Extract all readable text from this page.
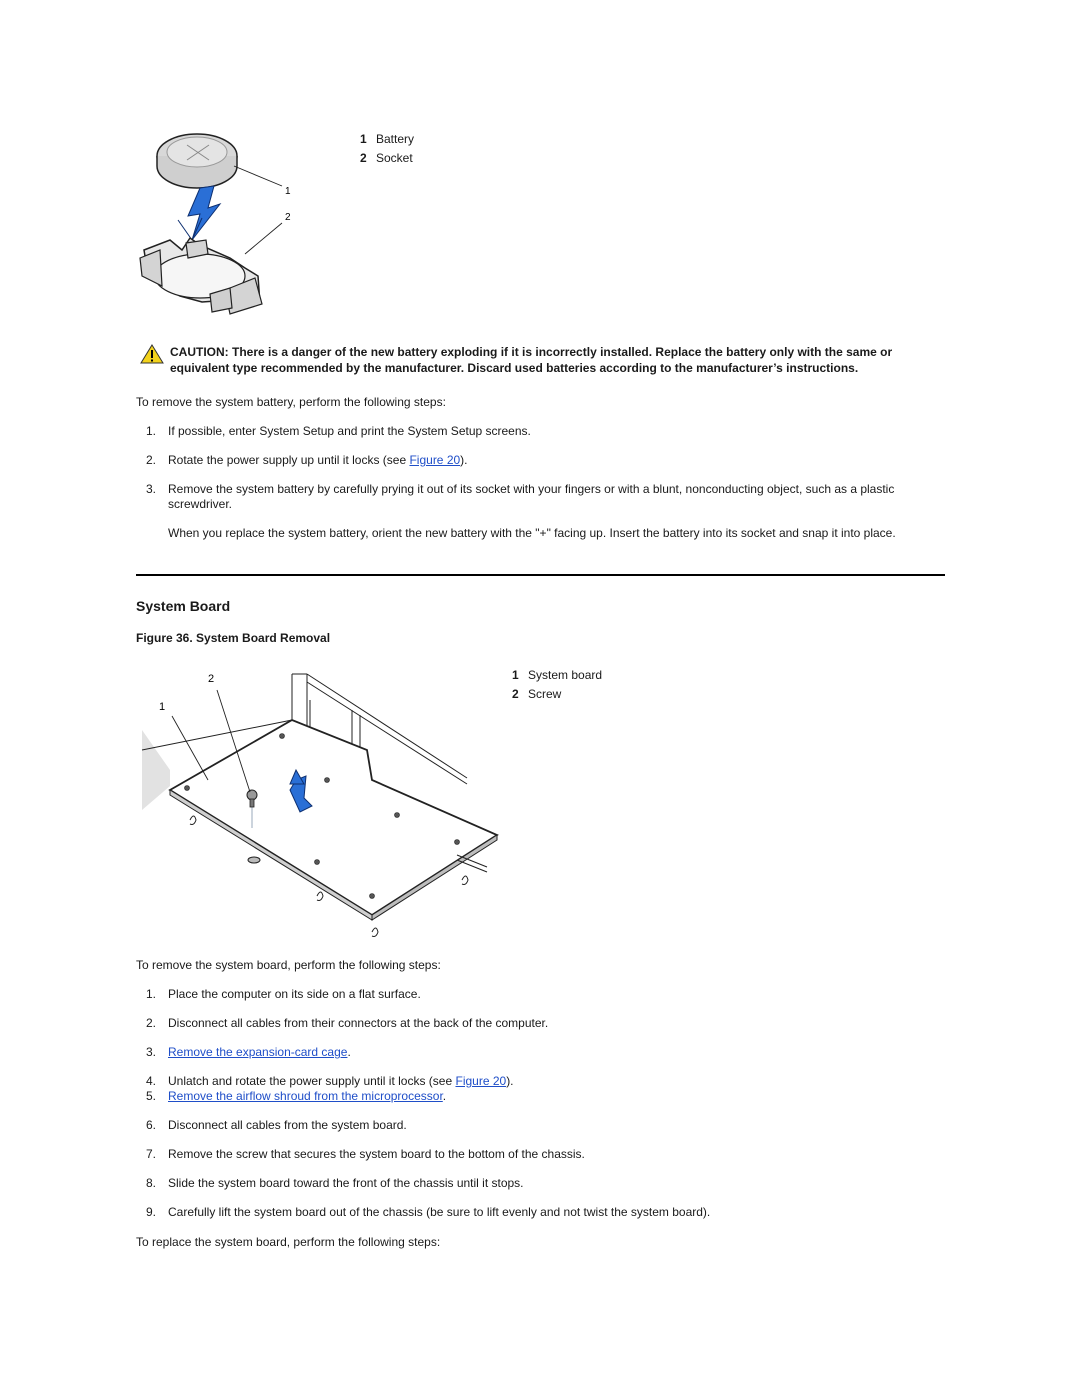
1
2
1 Battery
2 Socket
CAUTION: There is a danger of the new battery exploding if it is incorrectly installed. Replace the battery only with the same or equivalent type recommended by the manufacturer. Discard used batteries according to the manufacturer’s instructions.
To remove the system battery, perform the following steps:
1. If possible, enter System Setup and print the System Setup screens.
2. Rotate the power supply up until it locks (see Figure 20).
3. Remove the system battery by carefully prying it out of its socket with your fingers or with a blunt, nonconducting object, such as a plastic screwdriver.
When you replace the system battery, orient the new battery with the "+" facing up. Insert the battery into its socket and snap it into place.
System Board
Figure 36. System Board Removal
2
1
1 System board
2 Screw
To remove the system board, perform the following steps:
1. Place the computer on its side on a flat surface.
2. Disconnect all cables from their connectors at the back of the computer.
3. Remove the expansion-card cage.
4. Unlatch and rotate the power supply until it locks (see Figure 20).
5. Remove the airflow shroud from the microprocessor.
6. Disconnect all cables from the system board.
7. Remove the screw that secures the system board to the bottom of the chassis.
8. Slide the system board toward the front of the chassis until it stops.
9. Carefully lift the system board out of the chassis (be sure to lift evenly and not twist the system board).
To replace the system board, perform the following steps:
